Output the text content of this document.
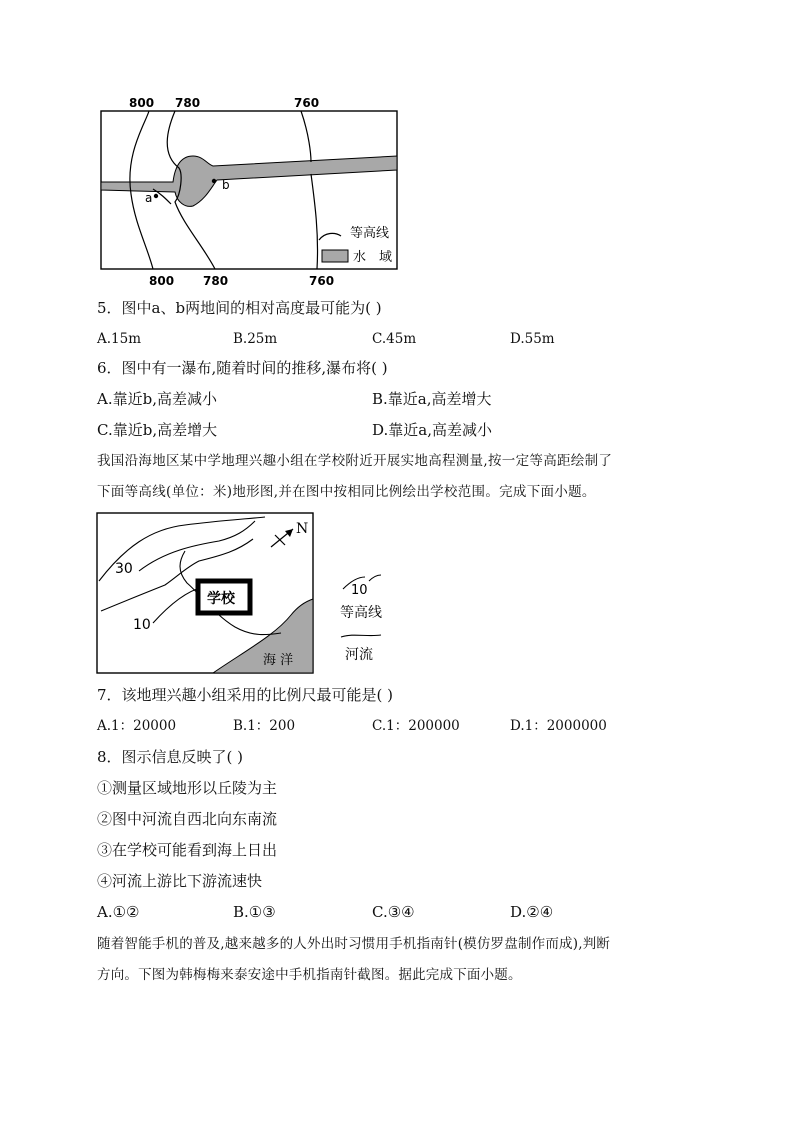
800 780	760
a
b
等高线
水　域
800 780	760
5．图中a、b两地间的相对高度最可能为( )
A.15m	B.25m	C.45m	D.55m
6．图中有一瀑布,随着时间的推移,瀑布将( )
A.靠近b,高差减小	B.靠近a,高差增大
C.靠近b,高差增大	D.靠近a,高差减小
我国沿海地区某中学地理兴趣小组在学校附近开展实地高程测量,按一定等高距绘制了
下面等高线(单位：米)地形图,并在图中按相同比例绘出学校范围。完成下面小题。
学校
30
10
海 洋
N
10
等高线
河流
7．该地理兴趣小组采用的比例尺最可能是( )
A.1：20000	B.1：200	C.1：200000	D.1：2000000
8．图示信息反映了( )
①测量区域地形以丘陵为主
②图中河流自西北向东南流
③在学校可能看到海上日出
④河流上游比下游流速快
A.①②	B.①③	C.③④	D.②④
随着智能手机的普及,越来越多的人外出时习惯用手机指南针(模仿罗盘制作而成),判断
方向。下图为韩梅梅来泰安途中手机指南针截图。据此完成下面小题。
